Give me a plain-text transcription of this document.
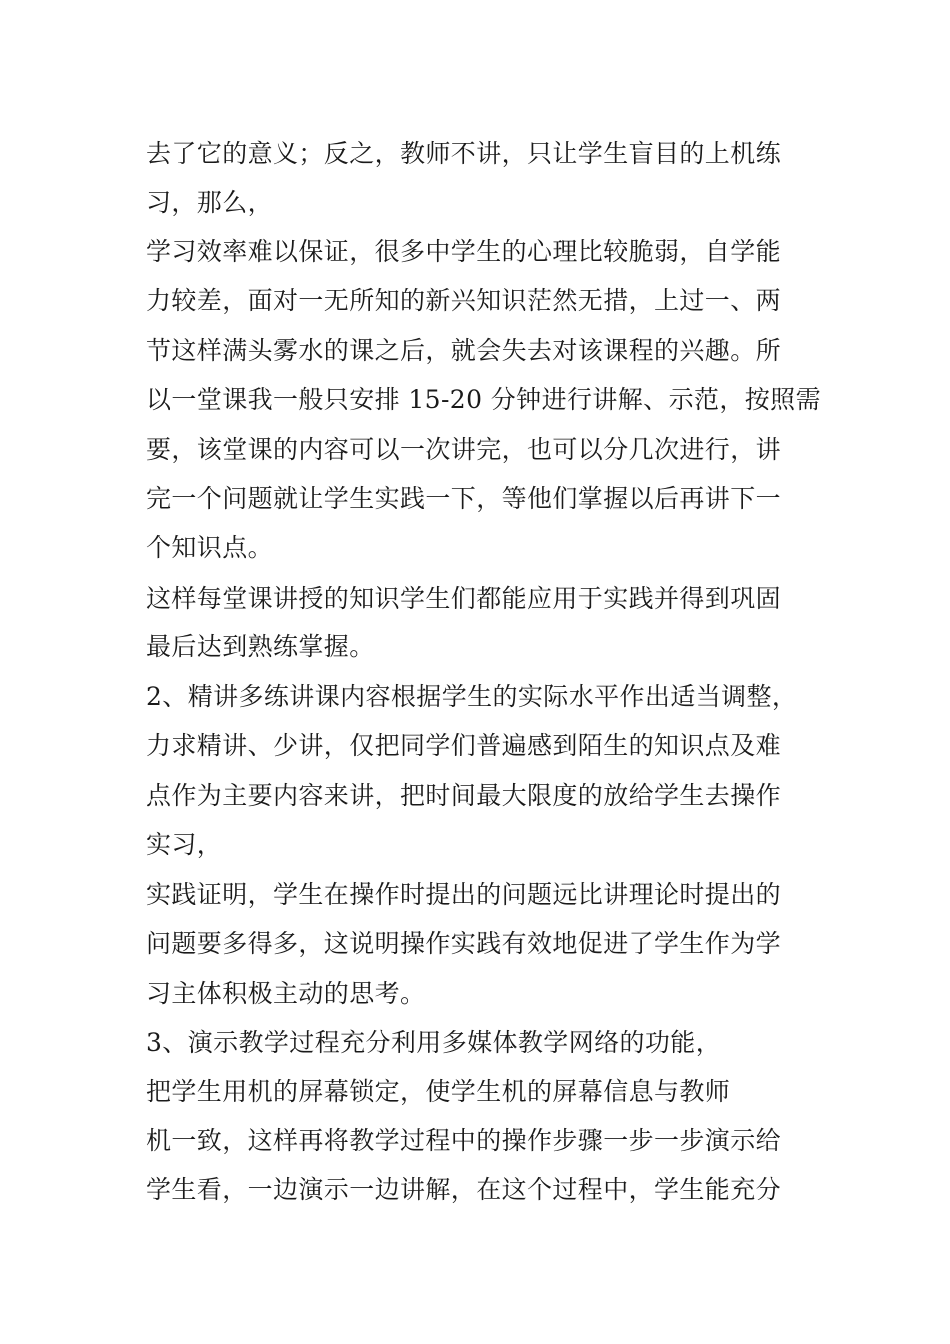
去了它的意义；反之，教师不讲，只让学生盲目的上机练
习，那么，
学习效率难以保证，很多中学生的心理比较脆弱，自学能
力较差，面对一无所知的新兴知识茫然无措，上过一、两
节这样满头雾水的课之后，就会失去对该课程的兴趣。所
以一堂课我一般只安排 15-20 分钟进行讲解、示范，按照需
要，该堂课的内容可以一次讲完，也可以分几次进行，讲
完一个问题就让学生实践一下，等他们掌握以后再讲下一
个知识点。
这样每堂课讲授的知识学生们都能应用于实践并得到巩固
最后达到熟练掌握。
2、精讲多练讲课内容根据学生的实际水平作出适当调整，
力求精讲、少讲，仅把同学们普遍感到陌生的知识点及难
点作为主要内容来讲，把时间最大限度的放给学生去操作
实习，
实践证明，学生在操作时提出的问题远比讲理论时提出的
问题要多得多，这说明操作实践有效地促进了学生作为学
习主体积极主动的思考。
3、演示教学过程充分利用多媒体教学网络的功能，
把学生用机的屏幕锁定，使学生机的屏幕信息与教师
机一致，这样再将教学过程中的操作步骤一步一步演示给
学生看，一边演示一边讲解，在这个过程中，学生能充分
